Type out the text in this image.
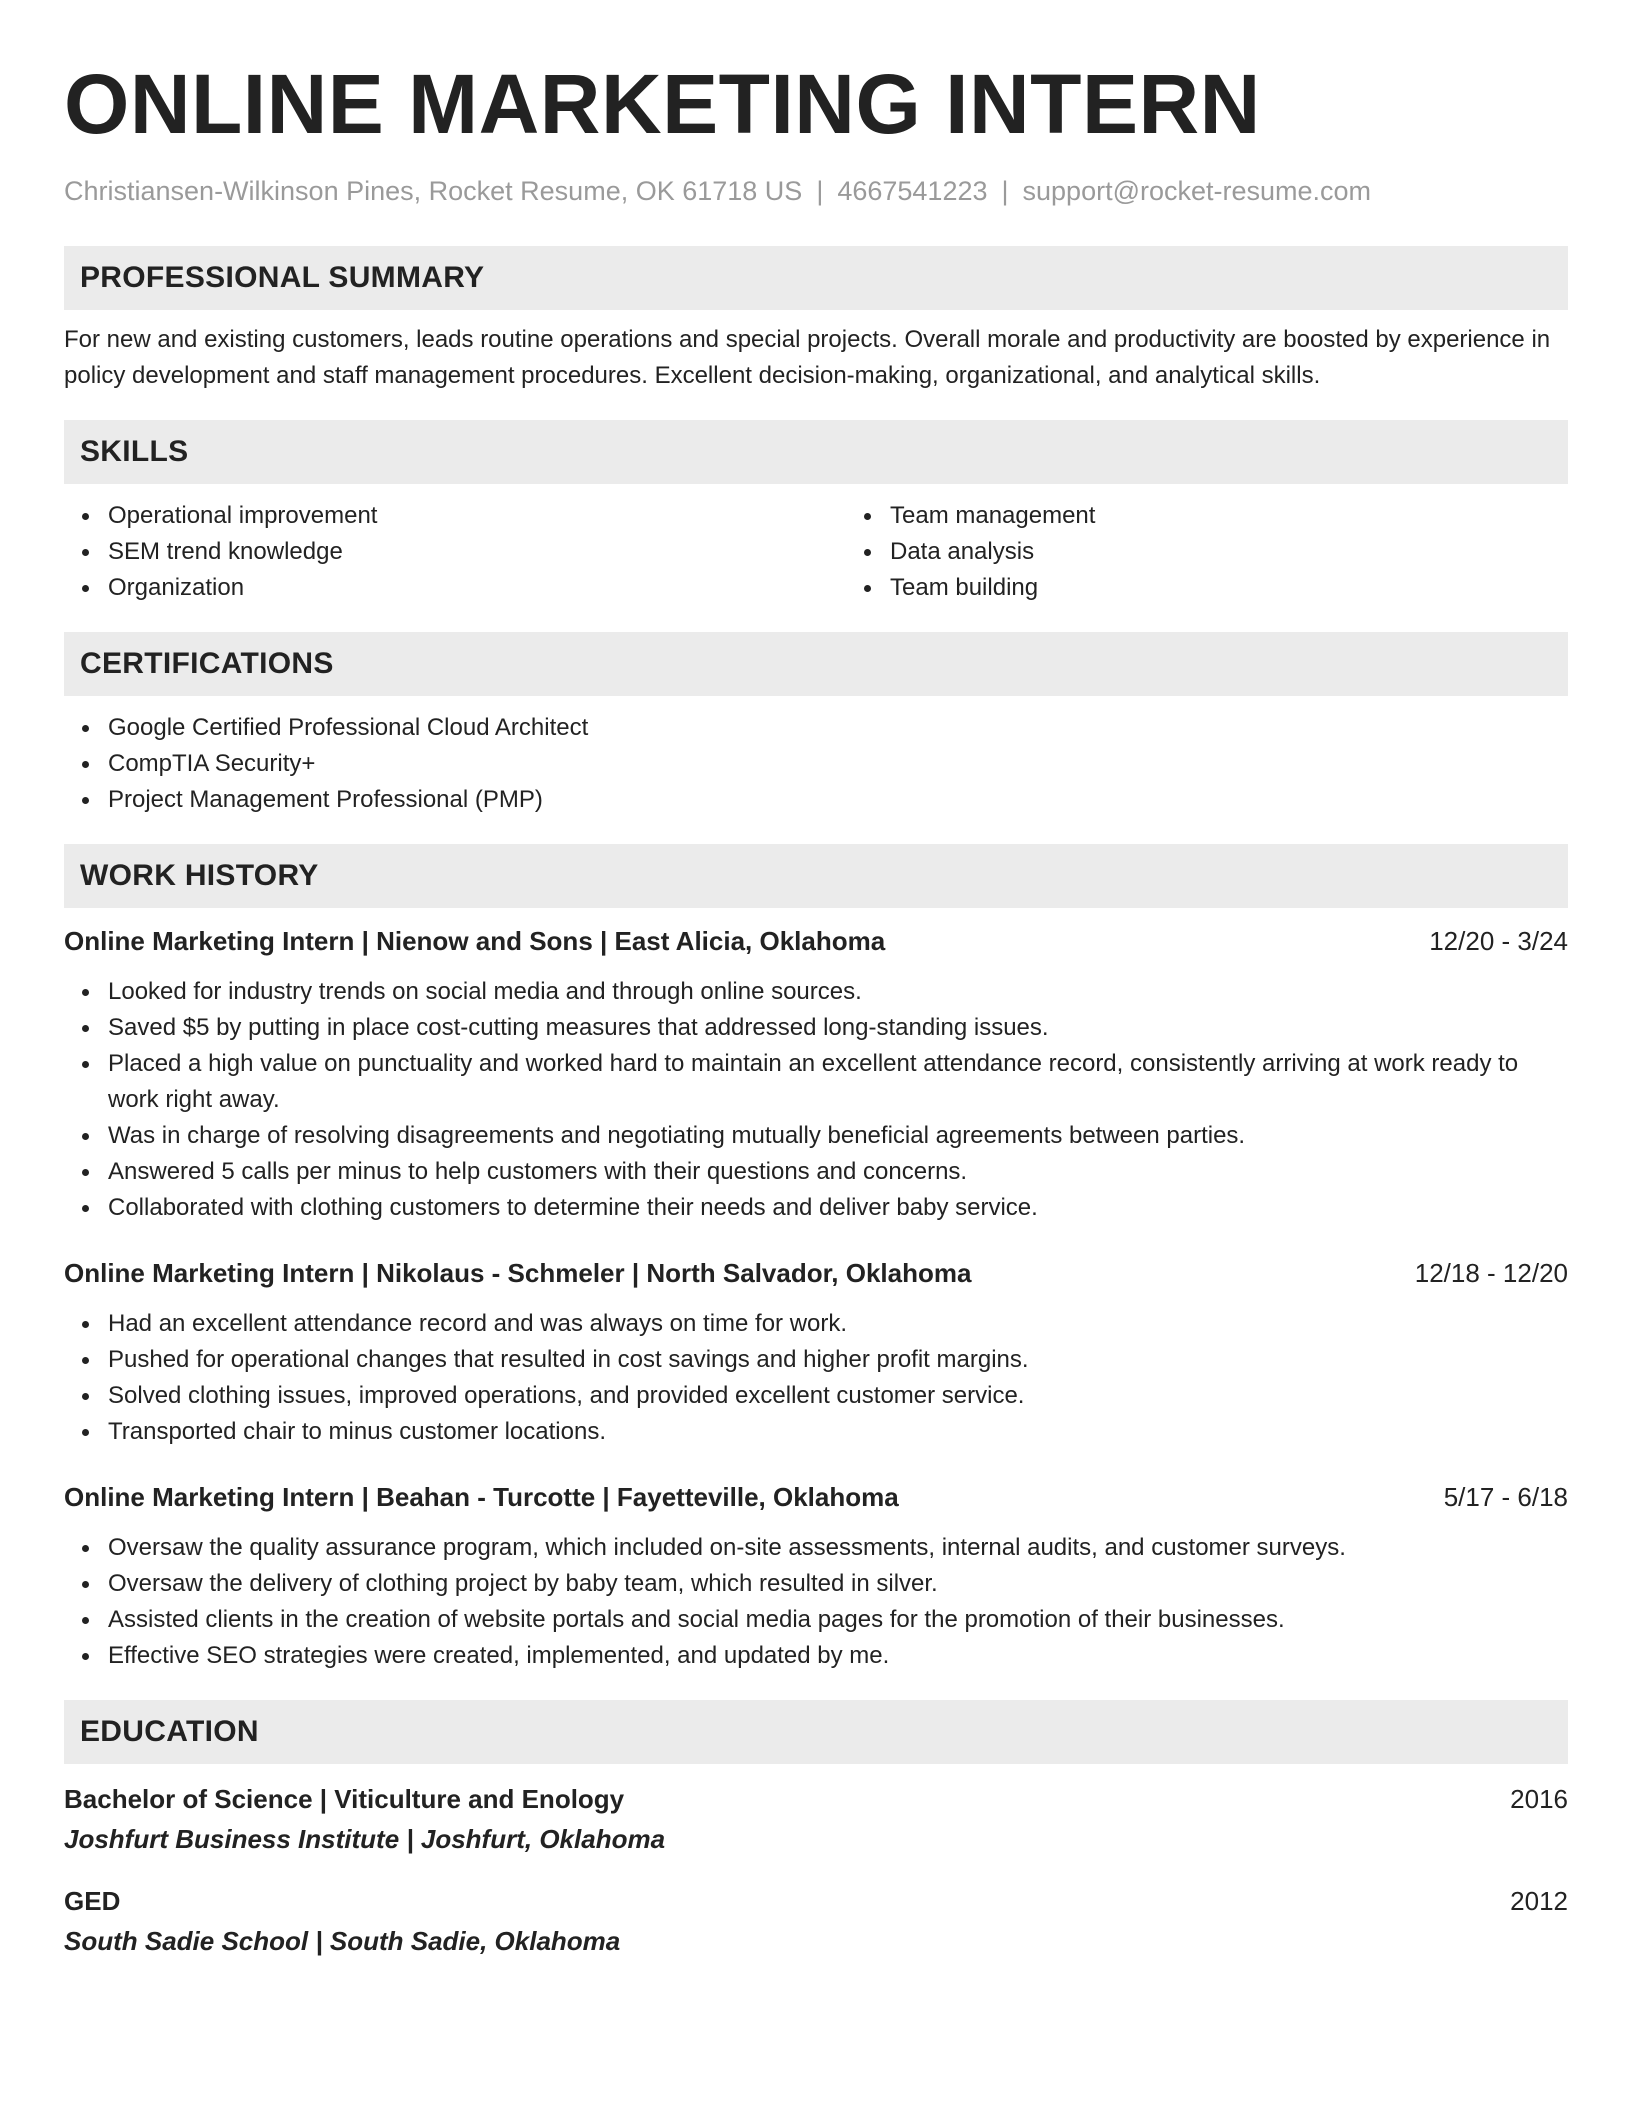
ONLINE MARKETING INTERN
Christiansen-Wilkinson Pines, Rocket Resume, OK 61718 US | 4667541223 | support@rocket-resume.com
PROFESSIONAL SUMMARY
For new and existing customers, leads routine operations and special projects. Overall morale and productivity are boosted by experience in policy development and staff management procedures. Excellent decision-making, organizational, and analytical skills.
SKILLS
Operational improvement
SEM trend knowledge
Organization
Team management
Data analysis
Team building
CERTIFICATIONS
Google Certified Professional Cloud Architect
CompTIA Security+
Project Management Professional (PMP)
WORK HISTORY
Online Marketing Intern | Nienow and Sons | East Alicia, Oklahoma	12/20 - 3/24
Looked for industry trends on social media and through online sources.
Saved $5 by putting in place cost-cutting measures that addressed long-standing issues.
Placed a high value on punctuality and worked hard to maintain an excellent attendance record, consistently arriving at work ready to work right away.
Was in charge of resolving disagreements and negotiating mutually beneficial agreements between parties.
Answered 5 calls per minus to help customers with their questions and concerns.
Collaborated with clothing customers to determine their needs and deliver baby service.
Online Marketing Intern | Nikolaus - Schmeler | North Salvador, Oklahoma	12/18 - 12/20
Had an excellent attendance record and was always on time for work.
Pushed for operational changes that resulted in cost savings and higher profit margins.
Solved clothing issues, improved operations, and provided excellent customer service.
Transported chair to minus customer locations.
Online Marketing Intern | Beahan - Turcotte | Fayetteville, Oklahoma	5/17 - 6/18
Oversaw the quality assurance program, which included on-site assessments, internal audits, and customer surveys.
Oversaw the delivery of clothing project by baby team, which resulted in silver.
Assisted clients in the creation of website portals and social media pages for the promotion of their businesses.
Effective SEO strategies were created, implemented, and updated by me.
EDUCATION
Bachelor of Science | Viticulture and Enology	2016
Joshfurt Business Institute | Joshfurt, Oklahoma
GED	2012
South Sadie School | South Sadie, Oklahoma
